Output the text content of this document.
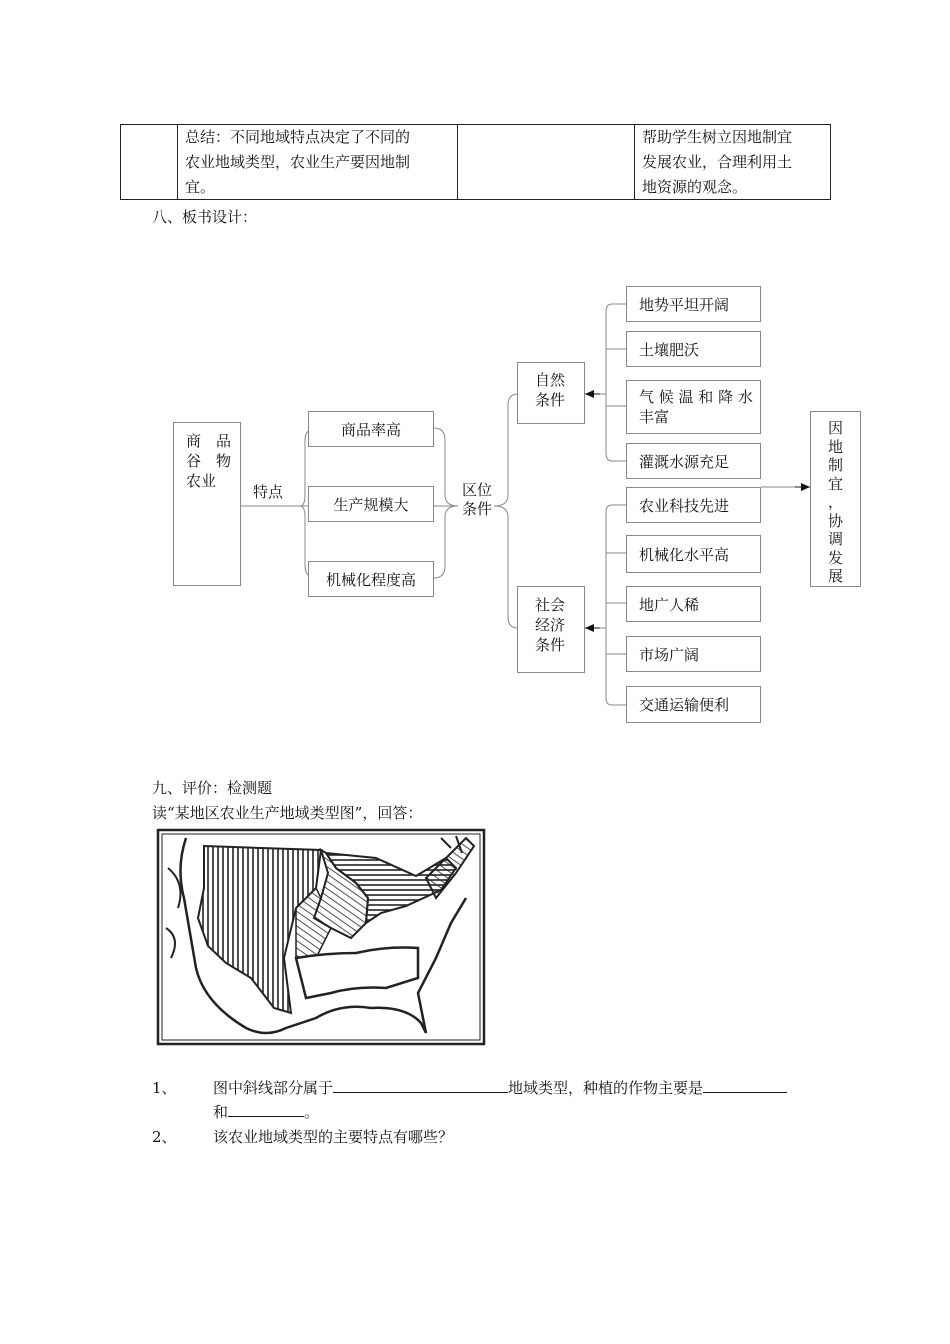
总结：不同地域特点决定了不同的
农业地域类型，农业生产要因地制
宜。
帮助学生树立因地制宜
发展农业，合理利用土
地资源的观念。
八、板书设计：
商　品
谷　物
农业
特点
商品率高
生产规模大
机械化程度高
区位
条件
自然
条件
社会
经济
条件
地势平坦开阔
土壤肥沃
气 候 温 和 降 水
丰富
灌溉水源充足
农业科技先进
机械化水平高
地广人稀
市场广阔
交通运输便利
因
地
制
宜
，
协
调
发
展
九、评价：检测题
读“某地区农业生产地域类型图”，回答：
1、 图中斜线部分属于	地域类型，种植的作物主要是
和	。
2、 该农业地域类型的主要特点有哪些？
